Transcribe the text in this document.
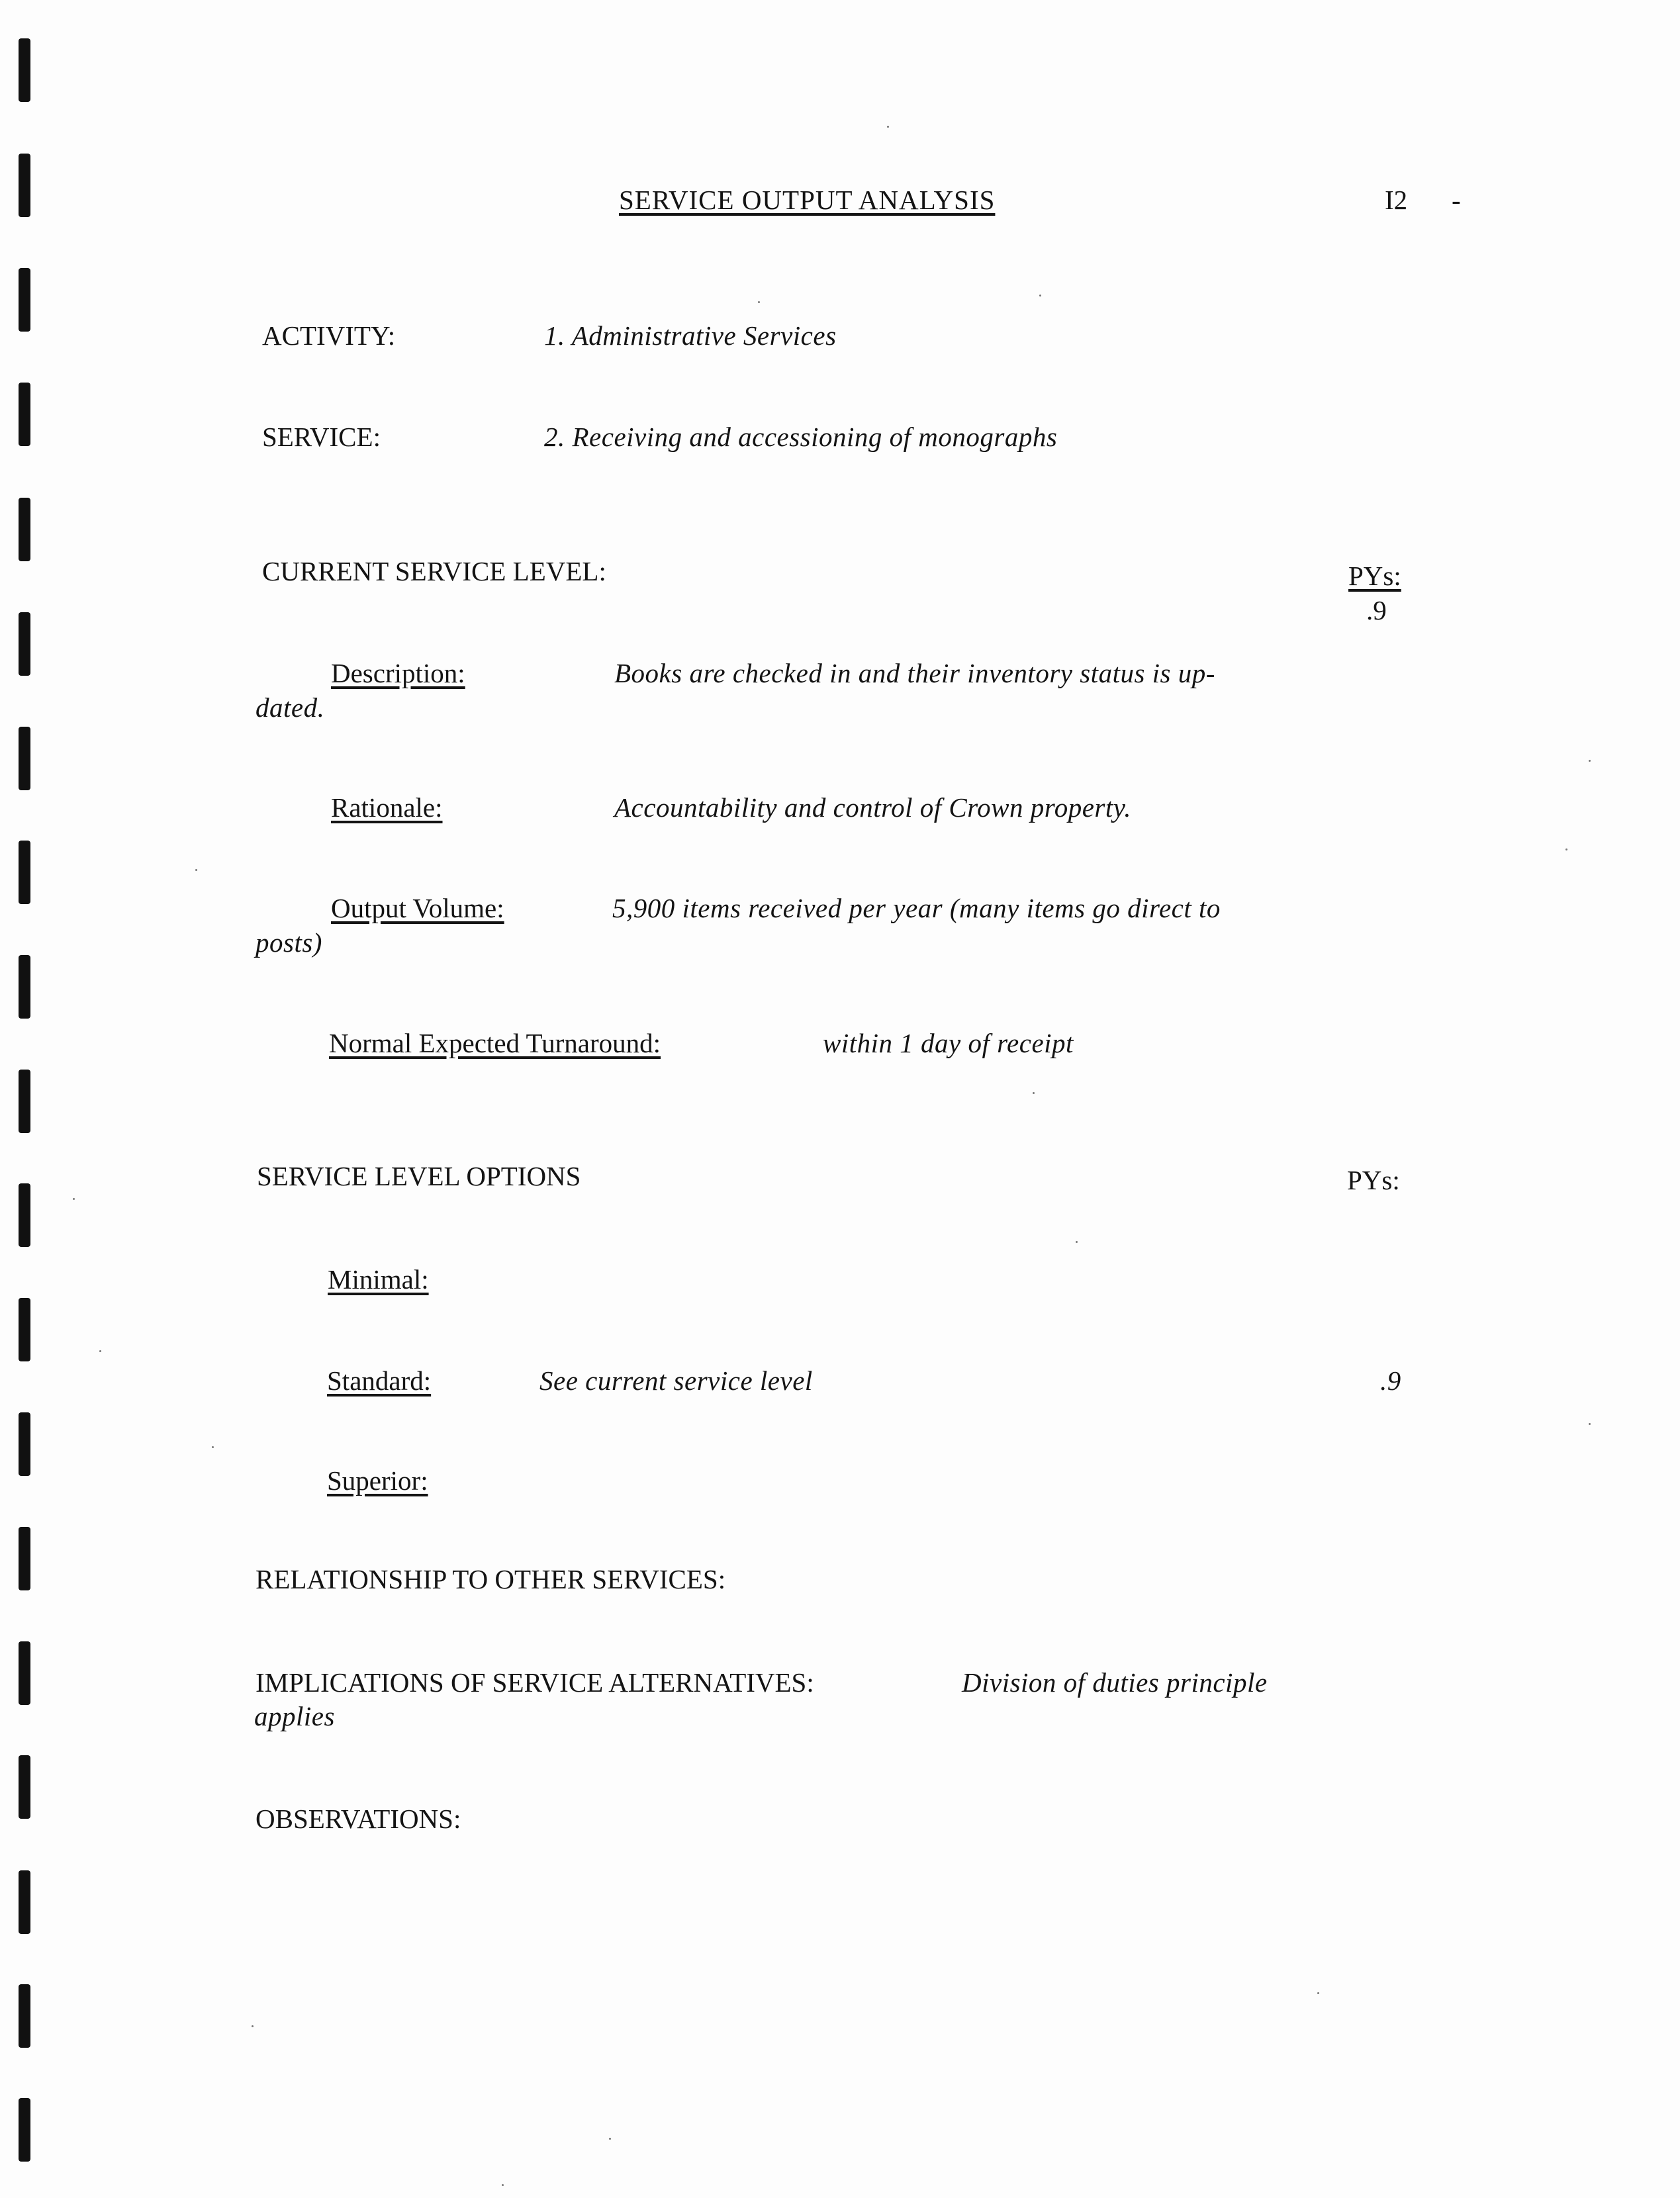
SERVICE OUTPUT ANALYSIS	I2 -
ACTIVITY:	1. Administrative Services
SERVICE:	2. Receiving and accessioning of monographs
CURRENT SERVICE LEVEL:	PYs:
.9
Description:	Books are checked in and their inventory status is up-
dated.
Rationale:	Accountability and control of Crown property.
Output Volume:	5,900 items received per year (many items go direct to
posts)
Normal Expected Turnaround:	within 1 day of receipt
SERVICE LEVEL OPTIONS	PYs:
Minimal:
Standard:	See current service level	.9
Superior:
RELATIONSHIP TO OTHER SERVICES:
IMPLICATIONS OF SERVICE ALTERNATIVES:	Division of duties principle
applies
OBSERVATIONS:
